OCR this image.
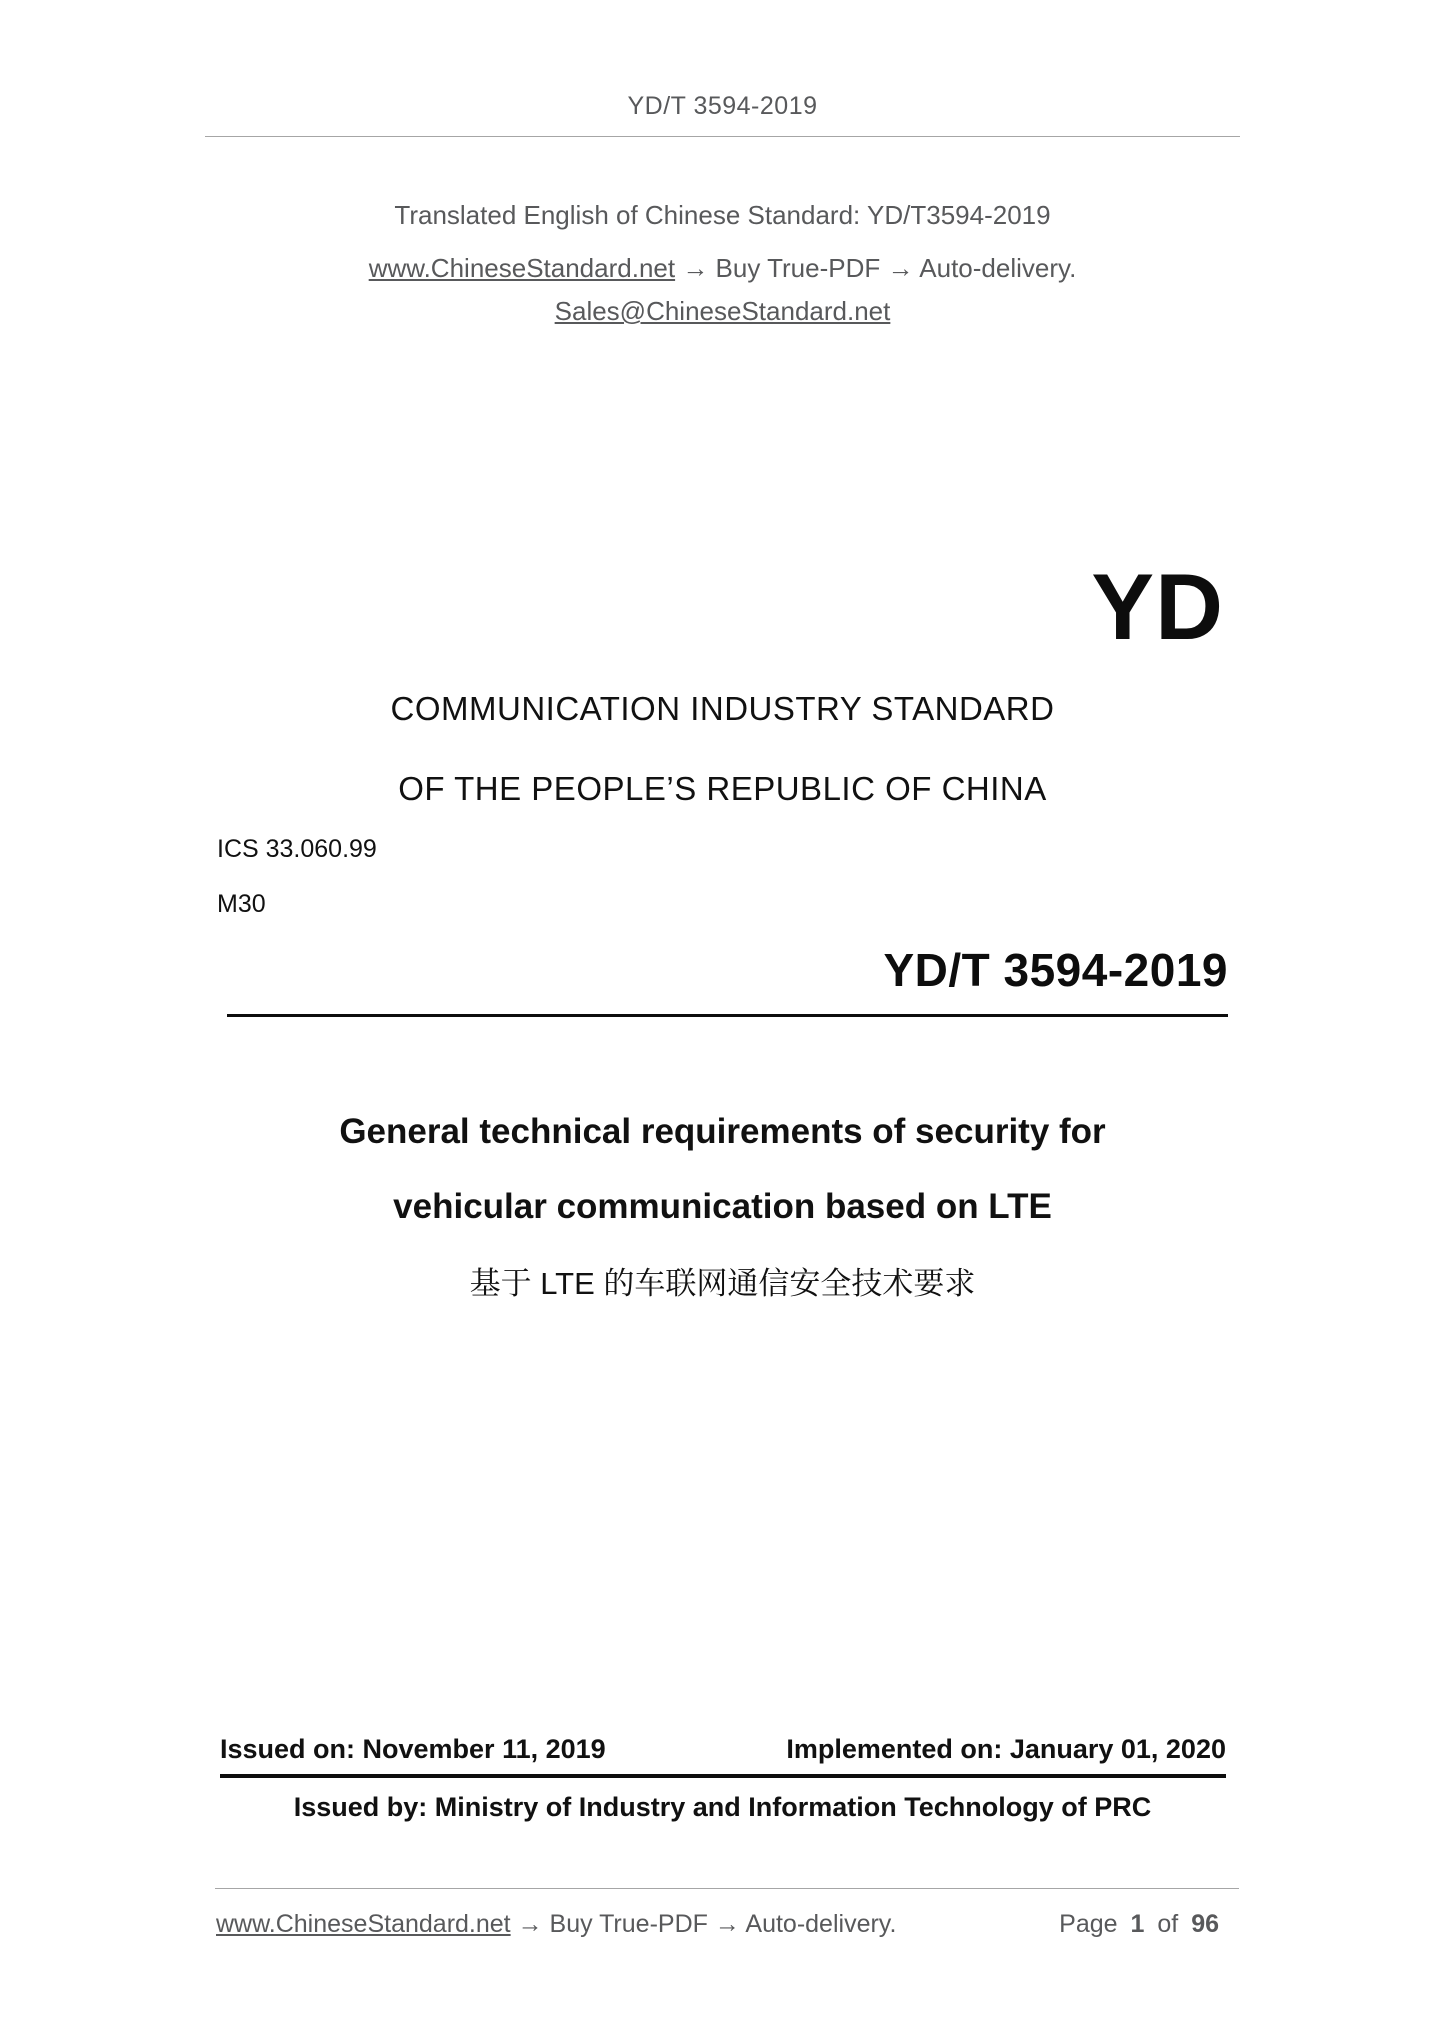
YD/T 3594-2019
Translated English of Chinese Standard: YD/T3594-2019
www.ChineseStandard.net → Buy True-PDF → Auto-delivery.
Sales@ChineseStandard.net
YD
COMMUNICATION INDUSTRY STANDARD
OF THE PEOPLE’S REPUBLIC OF CHINA
ICS 33.060.99
M30
YD/T 3594-2019
General technical requirements of security for
vehicular communication based on LTE
基于 LTE 的车联网通信安全技术要求
Issued on: November 11, 2019	Implemented on: January 01, 2020
Issued by: Ministry of Industry and Information Technology of PRC
www.ChineseStandard.net → Buy True-PDF → Auto-delivery.	Page 1 of 96
